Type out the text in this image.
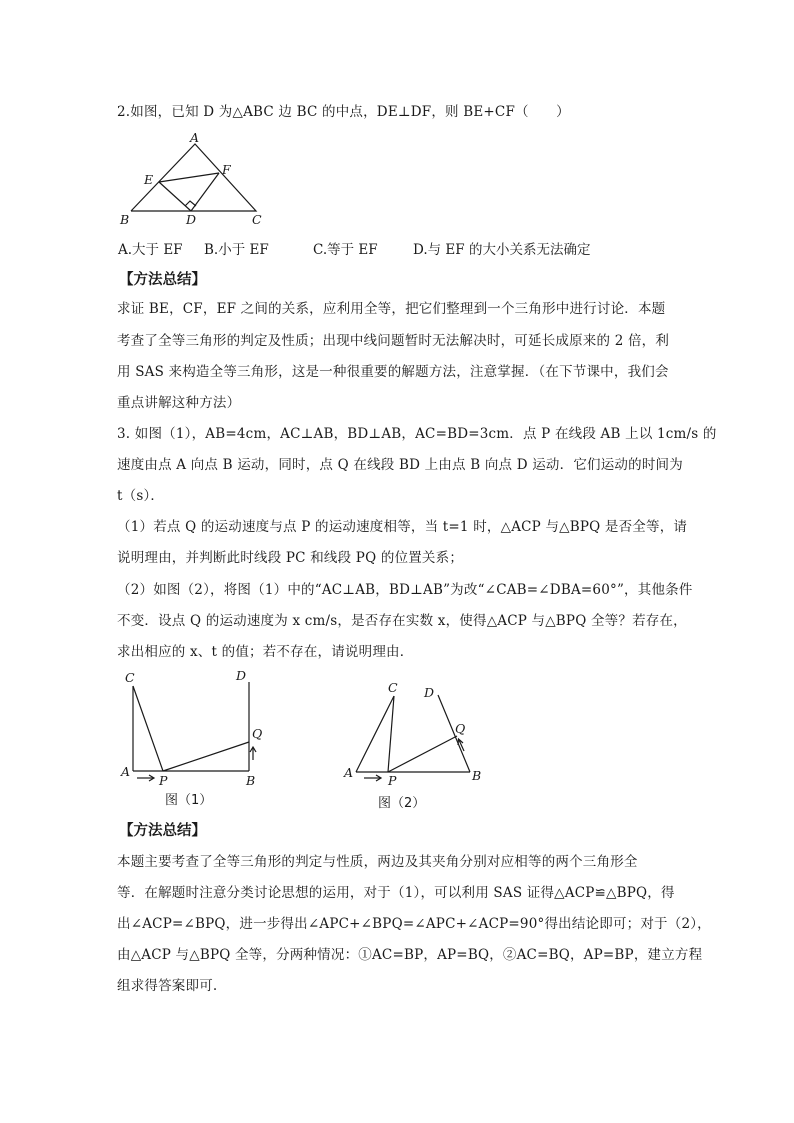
2.如图，已知 D 为△ABC 边 BC 的中点，DE⊥DF，则 BE+CF（　　）
A
E
F
B	D	C
A.大于 EF B.小于 EF	C.等于 EF	D.与 EF 的大小关系无法确定
【方法总结】
求证 BE，CF，EF 之间的关系，应利用全等，把它们整理到一个三角形中进行讨论．本题
考查了全等三角形的判定及性质；出现中线问题暂时无法解决时，可延长成原来的 2 倍，利
用 SAS 来构造全等三角形，这是一种很重要的解题方法，注意掌握．（在下节课中，我们会
重点讲解这种方法）
3. 如图（1），AB=4cm，AC⊥AB，BD⊥AB，AC=BD=3cm．点 P 在线段 AB 上以 1cm/s 的
速度由点 A 向点 B 运动，同时，点 Q 在线段 BD 上由点 B 向点 D 运动．它们运动的时间为
t（s）．
（1）若点 Q 的运动速度与点 P 的运动速度相等，当 t=1 时，△ACP 与△BPQ 是否全等，请
说明理由，并判断此时线段 PC 和线段 PQ 的位置关系；
（2）如图（2），将图（1）中的“AC⊥AB，BD⊥AB”为改“∠CAB=∠DBA=60°”，其他条件
不变．设点 Q 的运动速度为 x cm/s，是否存在实数 x，使得△ACP 与△BPQ 全等？若存在，
求出相应的 x、t 的值；若不存在，请说明理由．
C	D
Q
A
P	B
图（1）
C D
Q
A
P	B
图（2）
【方法总结】
本题主要考查了全等三角形的判定与性质，两边及其夹角分别对应相等的两个三角形全
等．在解题时注意分类讨论思想的运用，对于（1），可以利用 SAS 证得△ACP≌△BPQ，得
出∠ACP=∠BPQ，进一步得出∠APC+∠BPQ=∠APC+∠ACP=90°得出结论即可；对于（2），
由△ACP 与△BPQ 全等，分两种情况：①AC=BP，AP=BQ，②AC=BQ，AP=BP，建立方程
组求得答案即可.
